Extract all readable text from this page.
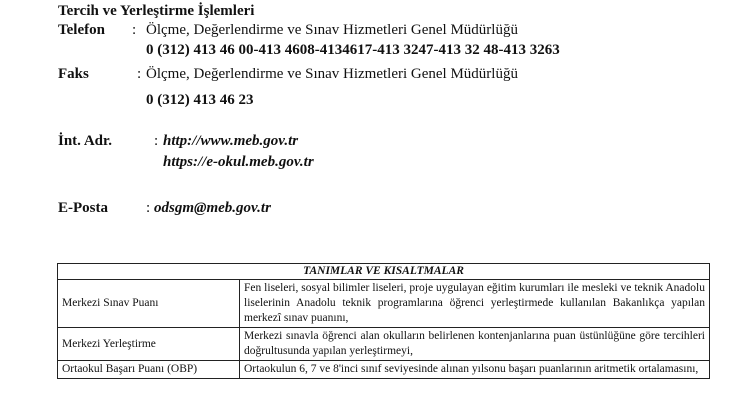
Tercih ve Yerleştirme İşlemleri
Telefon : Ölçme, Değerlendirme ve Sınav Hizmetleri Genel Müdürlüğü
0 (312) 413 46 00-413 4608-4134617-413 3247-413 32 48-413 3263
Faks	: Ölçme, Değerlendirme ve Sınav Hizmetleri Genel Müdürlüğü
0 (312) 413 46 23
İnt. Adr.	: http://www.meb.gov.tr
https://e-okul.meb.gov.tr
E-Posta	: odsgm@meb.gov.tr
TANIMLAR VE KISALTMALAR	
Merkezi Sınav Puanı	Fen liseleri, sosyal bilimler liseleri, proje uygulayan eğitim kurumları ile mesleki ve teknik Anadolu liselerinin Anadolu teknik programlarına öğrenci yerleştirmede kullanılan Bakanlıkça yapılan merkezî sınav puanını,
Merkezi Yerleştirme	Merkezi sınavla öğrenci alan okulların belirlenen kontenjanlarına puan üstünlüğüne göre tercihleri doğrultusunda yapılan yerleştirmeyi,
Ortaokul Başarı Puanı (OBP)	Ortaokulun 6, 7 ve 8'inci sınıf seviyesinde alınan yılsonu başarı puanlarının aritmetik ortalamasını,
